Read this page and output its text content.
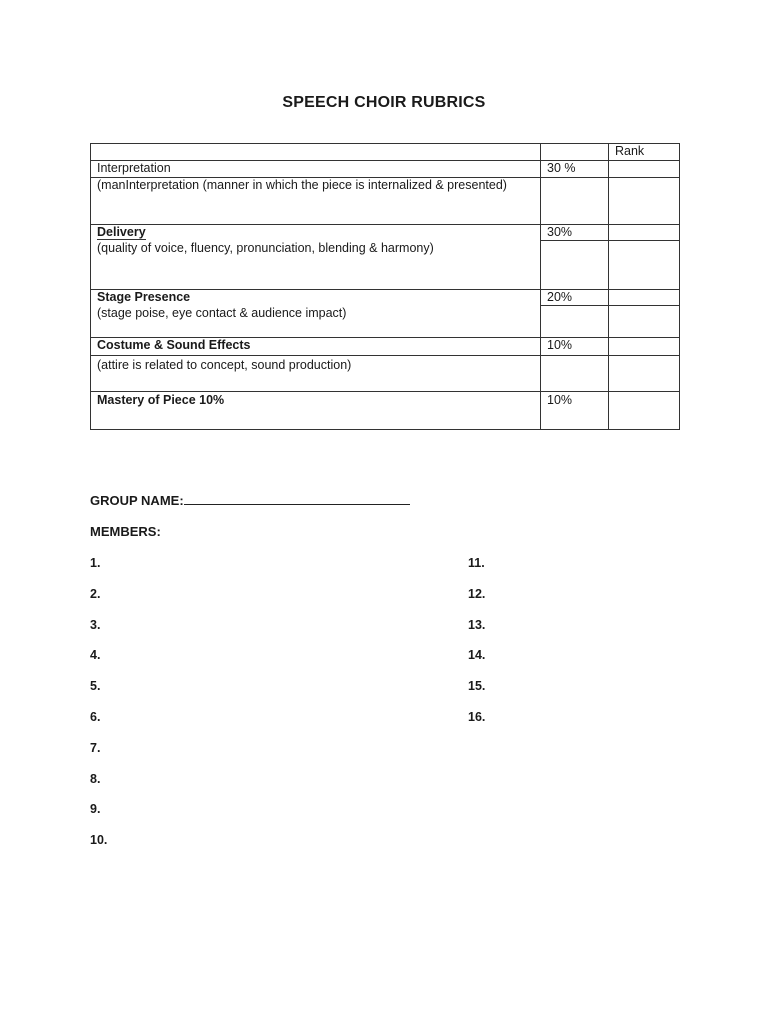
SPEECH CHOIR RUBRICS
		Rank
Interpretation	30 %	
(manInterpretation (manner in which the piece is internalized & presented)		
Delivery	30%	
(quality of voice, fluency, pronunciation, blending & harmony)		
Stage Presence	20%	
(stage poise, eye contact & audience impact)		
Costume & Sound Effects	10%	
(attire is related to concept, sound production)		
Mastery of Piece 10%	10%	
GROUP NAME:
MEMBERS:
1.
2.
3.
4.
5.
6.
7.
8.
9.
10.
11.
12.
13.
14.
15.
16.
